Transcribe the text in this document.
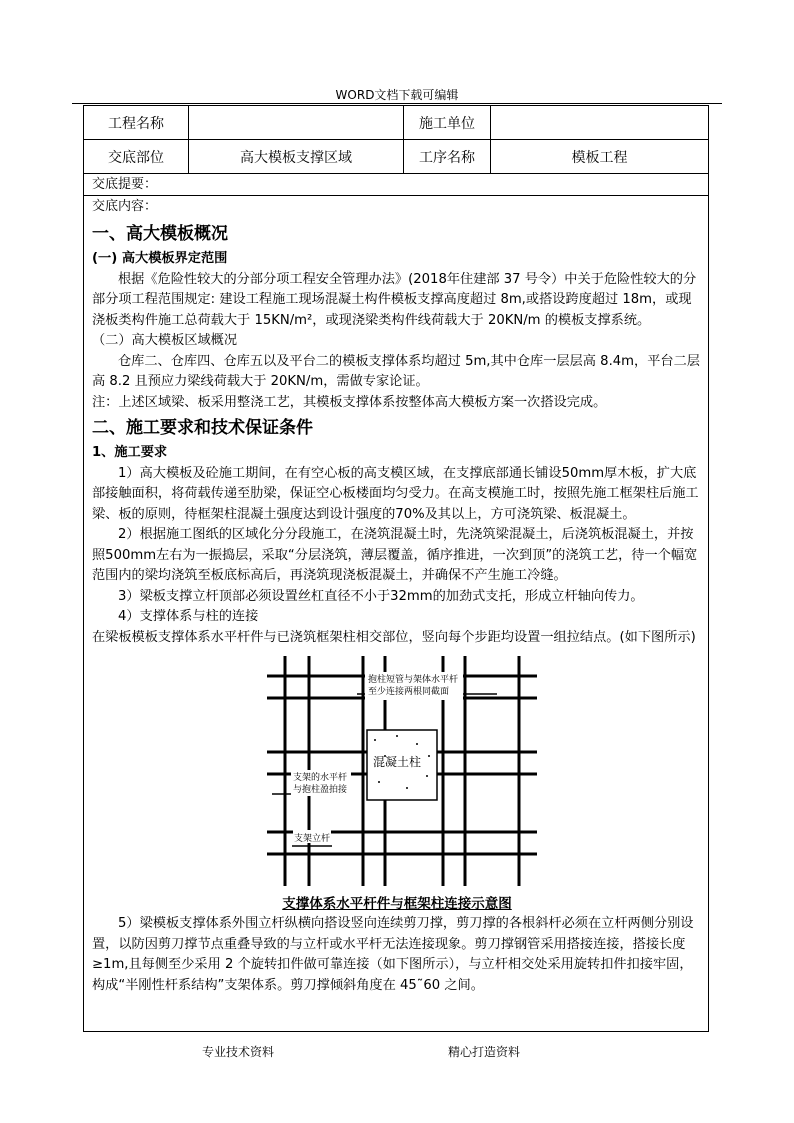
WORD文档下载可编辑
工程名称		施工单位	
交底部位	高大模板支撑区域	工序名称	模板工程
交底提要：
交底内容：

一、高大模板概况

(一) 高大模板界定范围

根据《危险性较大的分部分项工程安全管理办法》(2018年住建部 37 号令）中关于危险性较大的分部分项工程范围规定: 建设工程施工现场混凝土构件模板支撑高度超过 8m,或搭设跨度超过 18m，或现浇板类构件施工总荷载大于 15KN/m²，或现浇梁类构件线荷载大于 20KN/m 的模板支撑系统。

（二）高大模板区域概况

仓库二、仓库四、仓库五以及平台二的模板支撑体系均超过 5m,其中仓库一层层高 8.4m，平台二层高 8.2 且预应力梁线荷载大于 20KN/m，需做专家论证。

注：上述区域梁、板采用整浇工艺，其模板支撑体系按整体高大模板方案一次搭设完成。

二、施工要求和技术保证条件

1、施工要求

1）高大模板及砼施工期间，在有空心板的高支模区域，在支撑底部通长铺设50mm厚木板，扩大底部接触面积，将荷载传递至肋梁，保证空心板楼面均匀受力。在高支模施工时，按照先施工框架柱后施工梁、板的原则，待框架柱混凝土强度达到设计强度的70%及其以上，方可浇筑梁、板混凝土。

2）根据施工图纸的区域化分分段施工，在浇筑混凝土时，先浇筑梁混凝土，后浇筑板混凝土，并按照500mm左右为一振捣层，采取“分层浇筑，薄层覆盖，循序推进，一次到顶”的浇筑工艺，待一个幅宽范围内的梁均浇筑至板底标高后，再浇筑现浇板混凝土，并确保不产生施工冷缝。

3）梁板支撑立杆顶部必须设置丝杠直径不小于32mm的加劲式支托，形成立杆轴向传力。

4）支撑体系与柱的连接

在梁板模板支撑体系水平杆件与已浇筑框架柱相交部位，竖向每个步距均设置一组拉结点。(如下图所示)

抱柱短管与架体水平杆
至少连接两根同截面
混凝土柱
支架的水平杆
与抱柱盈拍接
支架立杆

支撑体系水平杆件与框架柱连接示意图

5）梁模板支撑体系外围立杆纵横向搭设竖向连续剪刀撑，剪刀撑的各根斜杆必须在立杆两侧分别设置，以防因剪刀撑节点重叠导致的与立杆或水平杆无法连接现象。剪刀撑钢管采用搭接连接，搭接长度≥1m,且每侧至少采用 2 个旋转扣件做可靠连接（如下图所示），与立杆相交处采用旋转扣件扣接牢固，构成“半刚性杆系结构”支架体系。剪刀撑倾斜角度在 45˜60 之间。

专业技术资料	精心打造资料
